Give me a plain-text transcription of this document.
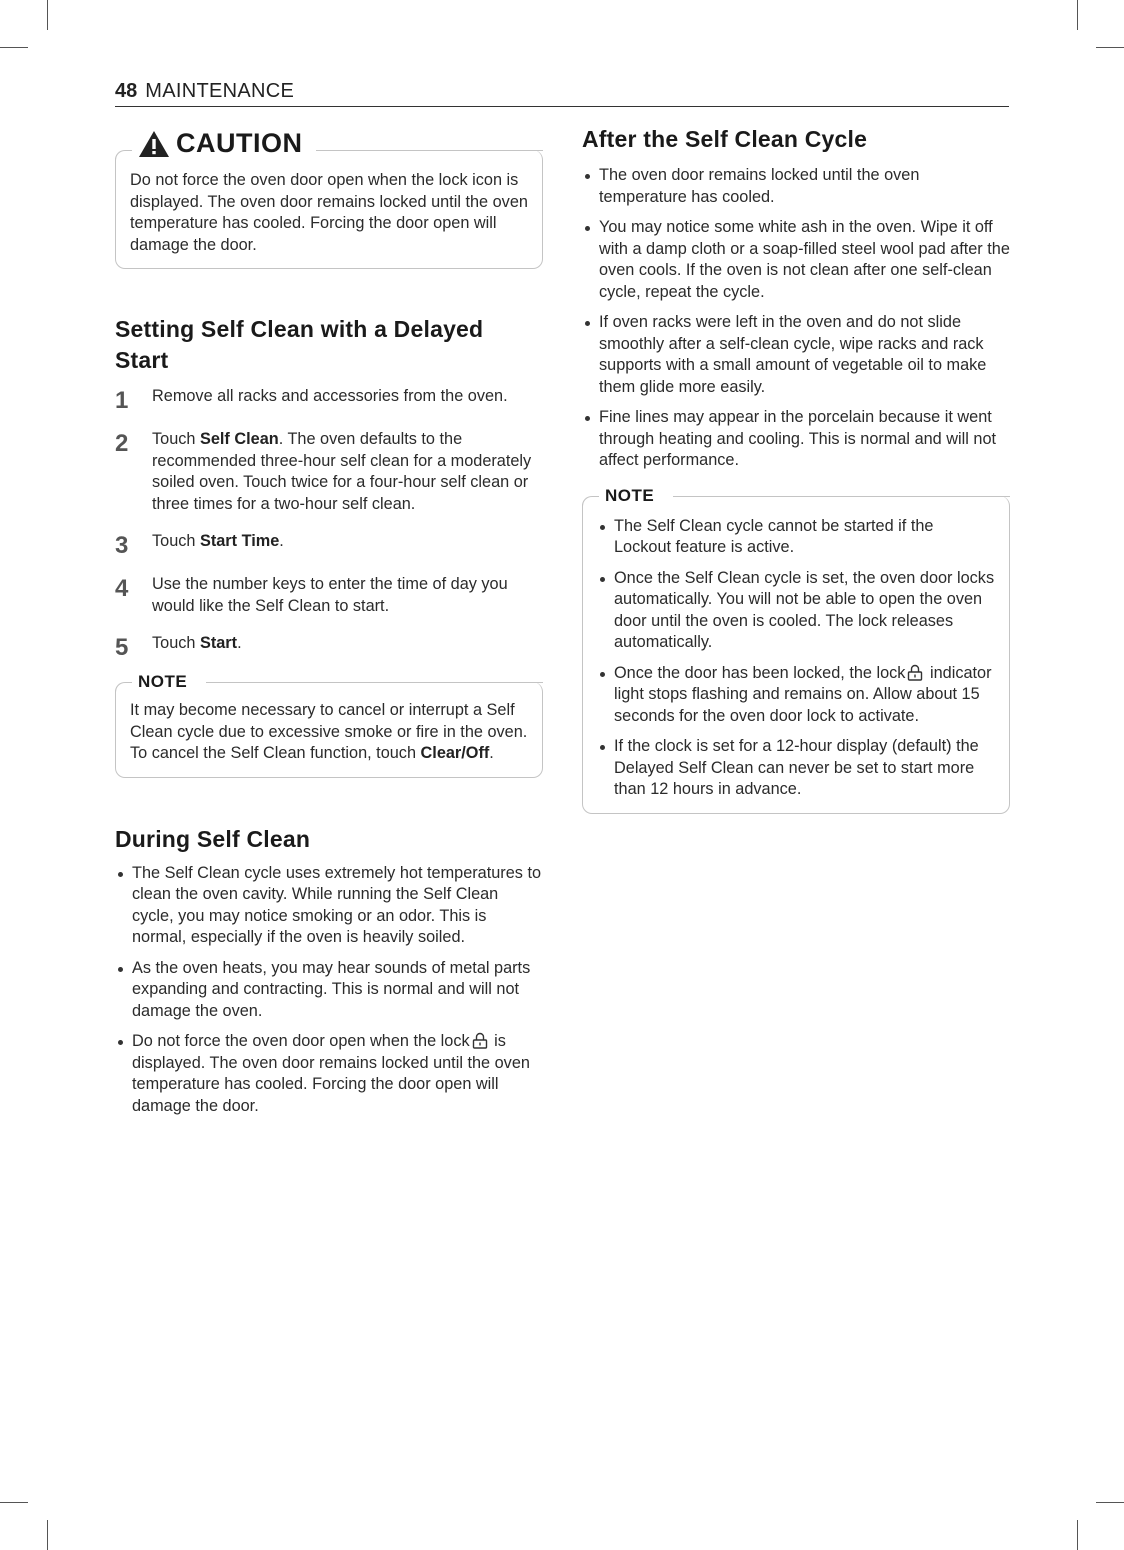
48 MAINTENANCE
CAUTION
Do not force the oven door open when the lock icon is displayed. The oven door remains locked until the oven temperature has cooled. Forcing the door open will damage the door.
Setting Self Clean with a Delayed Start
1	Remove all racks and accessories from the oven.
2	Touch Self Clean. The oven defaults to the recommended three-hour self clean for a moderately soiled oven. Touch twice for a four-hour self clean or three times for a two-hour self clean.
3	Touch Start Time.
4	Use the number keys to enter the time of day you would like the Self Clean to start.
5	Touch Start.
NOTE
It may become necessary to cancel or interrupt a Self Clean cycle due to excessive smoke or fire in the oven. To cancel the Self Clean function, touch Clear/Off.
During Self Clean
The Self Clean cycle uses extremely hot temperatures to clean the oven cavity. While running the Self Clean cycle, you may notice smoking or an odor. This is normal, especially if the oven is heavily soiled.
As the oven heats, you may hear sounds of metal parts expanding and contracting. This is normal and will not damage the oven.
Do not force the oven door open when the lock is displayed. The oven door remains locked until the oven temperature has cooled. Forcing the door open will damage the door.
After the Self Clean Cycle
The oven door remains locked until the oven temperature has cooled.
You may notice some white ash in the oven. Wipe it off with a damp cloth or a soap-filled steel wool pad after the oven cools. If the oven is not clean after one self-clean cycle, repeat the cycle.
If oven racks were left in the oven and do not slide smoothly after a self-clean cycle, wipe racks and rack supports with a small amount of vegetable oil to make them glide more easily.
Fine lines may appear in the porcelain because it went through heating and cooling. This is normal and will not affect performance.
NOTE
The Self Clean cycle cannot be started if the Lockout feature is active.
Once the Self Clean cycle is set, the oven door locks automatically. You will not be able to open the oven door until the oven is cooled. The lock releases automatically.
Once the door has been locked, the lock indicator light stops flashing and remains on. Allow about 15 seconds for the oven door lock to activate.
If the clock is set for a 12-hour display (default) the Delayed Self Clean can never be set to start more than 12 hours in advance.
